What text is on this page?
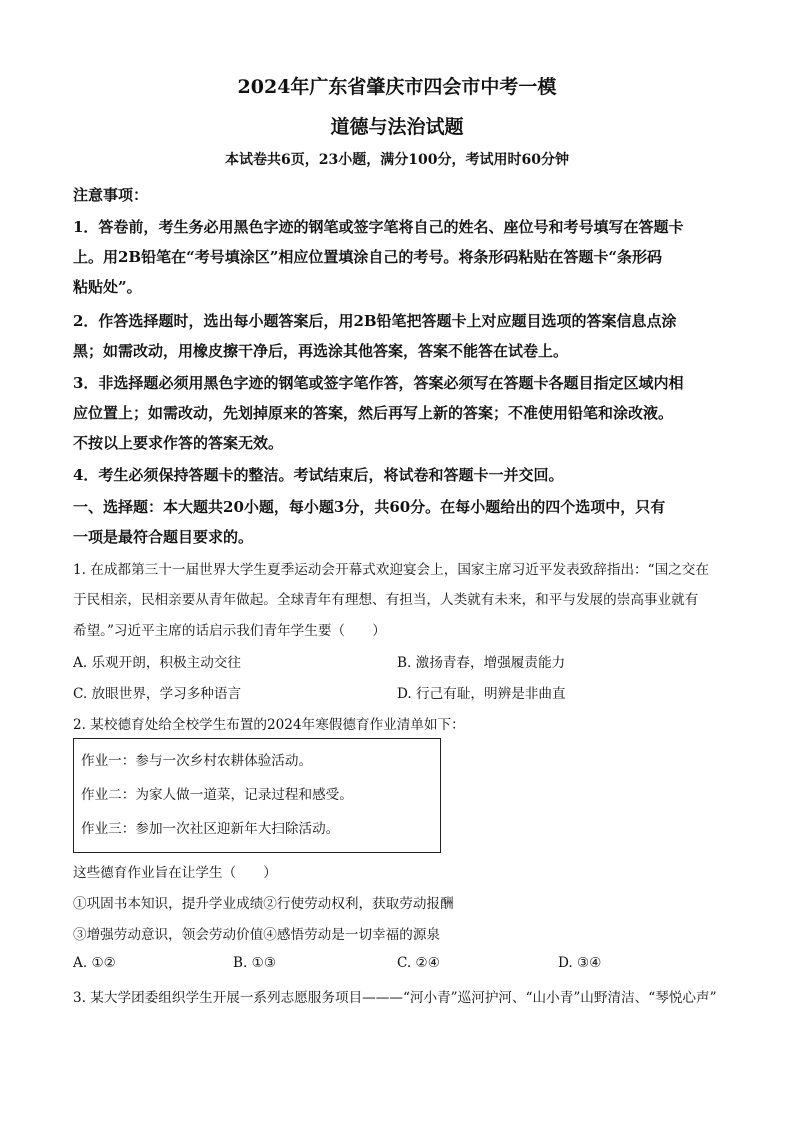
2024年广东省肇庆市四会市中考一模
道德与法治试题
本试卷共6页，23小题，满分100分，考试用时60分钟
注意事项：
1．答卷前，考生务必用黑色字迹的钢笔或签字笔将自己的姓名、座位号和考号填写在答题卡
上。用2B铅笔在“考号填涂区”相应位置填涂自己的考号。将条形码粘贴在答题卡“条形码
粘贴处”。
2．作答选择题时，选出每小题答案后，用2B铅笔把答题卡上对应题目选项的答案信息点涂
黑；如需改动，用橡皮擦干净后，再选涂其他答案，答案不能答在试卷上。
3．非选择题必须用黑色字迹的钢笔或签字笔作答，答案必须写在答题卡各题目指定区域内相
应位置上；如需改动，先划掉原来的答案，然后再写上新的答案；不准使用铅笔和涂改液。
不按以上要求作答的答案无效。
4．考生必须保持答题卡的整洁。考试结束后，将试卷和答题卡一并交回。
一、选择题：本大题共20小题，每小题3分，共60分。在每小题给出的四个选项中，只有
一项是最符合题目要求的。
1. 在成都第三十一届世界大学生夏季运动会开幕式欢迎宴会上，国家主席习近平发表致辞指出：“国之交在
于民相亲，民相亲要从青年做起。全球青年有理想、有担当，人类就有未来，和平与发展的崇高事业就有
希望。”习近平主席的话启示我们青年学生要（　　）
A. 乐观开朗，积极主动交往	B. 激扬青春，增强履责能力
C. 放眼世界，学习多种语言	D. 行己有耻，明辨是非曲直
2. 某校德育处给全校学生布置的2024年寒假德育作业清单如下：
作业一：参与一次乡村农耕体验活动。
作业二：为家人做一道菜，记录过程和感受。
作业三：参加一次社区迎新年大扫除活动。
这些德育作业旨在让学生（　　）
①巩固书本知识，提升学业成绩②行使劳动权利，获取劳动报酬
③增强劳动意识，领会劳动价值④感悟劳动是一切幸福的源泉
A. ①②	B. ①③	C. ②④	D. ③④
3. 某大学团委组织学生开展一系列志愿服务项目———“河小青”巡河护河、“山小青”山野清洁、“琴悦心声”
